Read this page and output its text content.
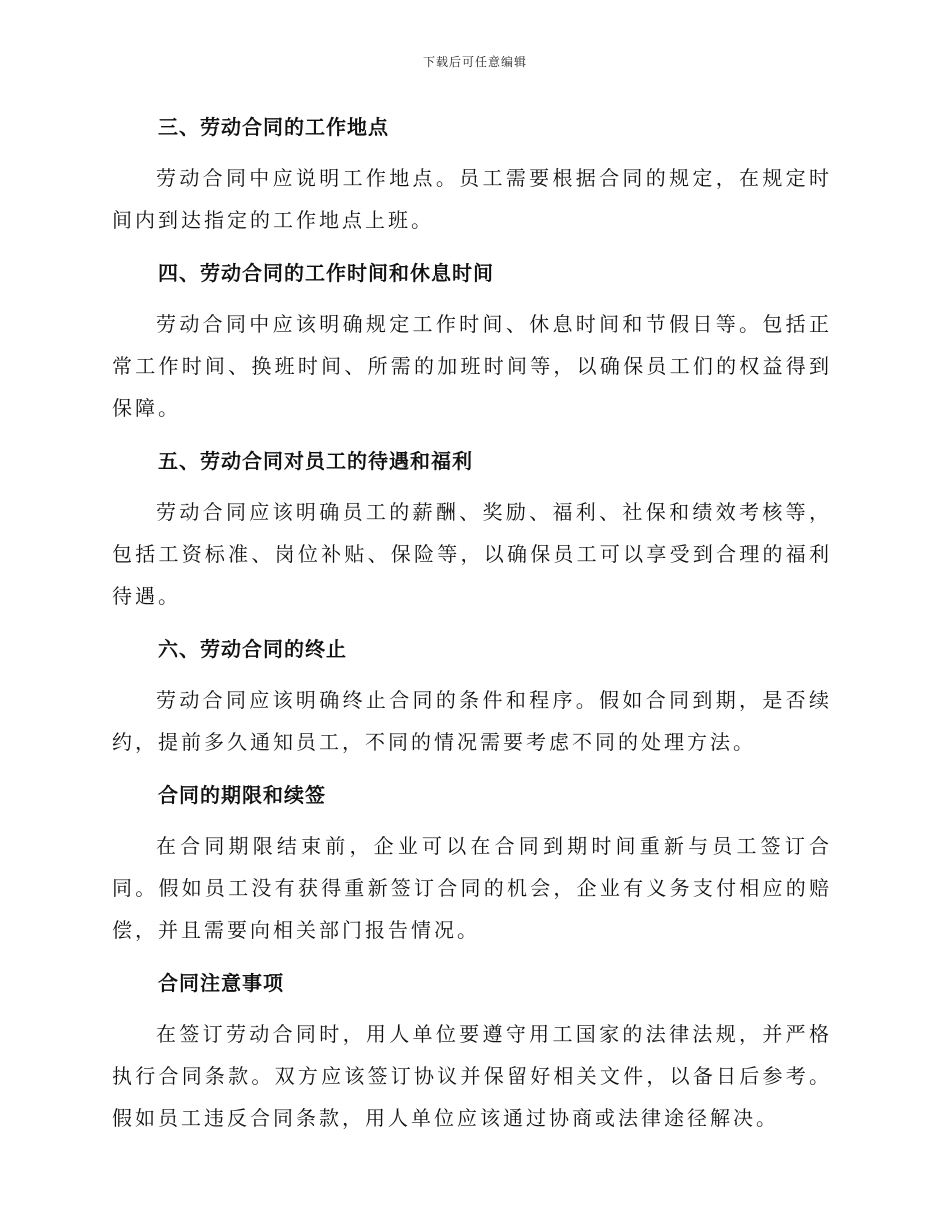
下载后可任意编辑
三、劳动合同的工作地点

劳动合同中应说明工作地点。员工需要根据合同的规定，在规定时间内到达指定的工作地点上班。

四、劳动合同的工作时间和休息时间

劳动合同中应该明确规定工作时间、休息时间和节假日等。包括正常工作时间、换班时间、所需的加班时间等，以确保员工们的权益得到保障。

五、劳动合同对员工的待遇和福利

劳动合同应该明确员工的薪酬、奖励、福利、社保和绩效考核等，包括工资标准、岗位补贴、保险等，以确保员工可以享受到合理的福利待遇。

六、劳动合同的终止

劳动合同应该明确终止合同的条件和程序。假如合同到期，是否续约，提前多久通知员工，不同的情况需要考虑不同的处理方法。

合同的期限和续签

在合同期限结束前，企业可以在合同到期时间重新与员工签订合同。假如员工没有获得重新签订合同的机会，企业有义务支付相应的赔偿，并且需要向相关部门报告情况。

合同注意事项

在签订劳动合同时，用人单位要遵守用工国家的法律法规，并严格执行合同条款。双方应该签订协议并保留好相关文件，以备日后参考。 假如员工违反合同条款，用人单位应该通过协商或法律途径解决。
